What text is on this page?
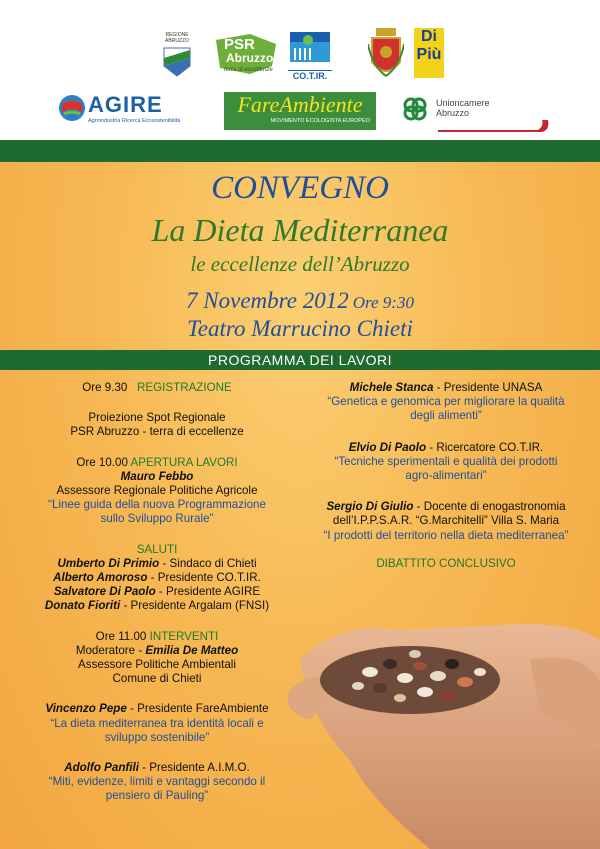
REGIONE
ABRUZZO	PSR
Abruzzo
terra di eccellenze
CO.T.IR.
Di
Più
AGIRE
Agroindustria Ricerca Ecosostenibilità
FareAmbiente
MOVIMENTO ECOLOGISTA EUROPEO
Unioncamere
Abruzzo
CONVEGNO
La Dieta Mediterranea
le eccellenze dell’Abruzzo
7 Novembre 2012 Ore 9:30
Teatro Marrucino Chieti
PROGRAMMA DEI LAVORI

Ore 9.30 REGISTRAZIONE

Proiezione Spot Regionale

PSR Abruzzo - terra di eccellenze

Ore 10.00 APERTURA LAVORI

Mauro Febbo

Assessore Regionale Politiche Agricole

“Linee guida della nuova Programmazione

sullo Sviluppo Rurale”

SALUTI

Umberto Di Primio - Sindaco di Chieti

Alberto Amoroso - Presidente CO.T.IR.

Salvatore Di Paolo - Presidente AGIRE

Donato Fioriti - Presidente Argalam (FNSI)

Ore 11.00 INTERVENTI

Moderatore - Emilia De Matteo

Assessore Politiche Ambientali

Comune di Chieti

Vincenzo Pepe - Presidente FareAmbiente

“La dieta mediterranea tra identità locali e

sviluppo sostenibile”

Adolfo Panfili - Presidente A.I.M.O.

“Miti, evidenze, limiti e vantaggi secondo il

pensiero di Pauling”

Michele Stanca - Presidente UNASA

“Genetica e genomica per migliorare la qualità

degli alimenti”

Elvio Di Paolo - Ricercatore CO.T.IR.

“Tecniche sperimentali e qualità dei prodotti

agro-alimentari”

Sergio Di Giulio - Docente di enogastronomia

dell’I.P.P.S.A.R. “G.Marchitelli” Villa S. Maria

“I prodotti del territorio nella dieta mediterranea”

DIBATTITO CONCLUSIVO
